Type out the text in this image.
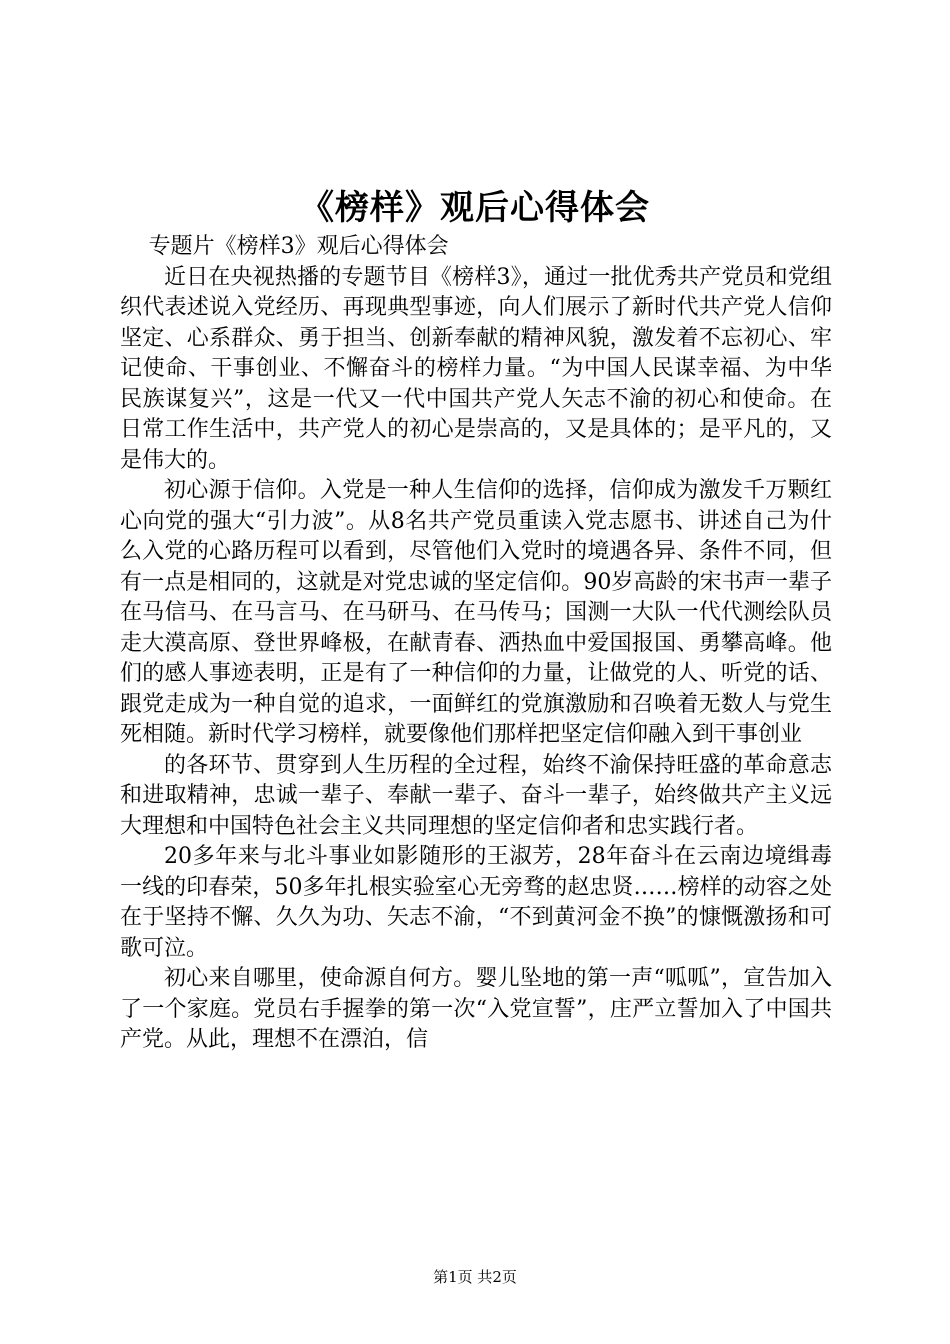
《榜样》观后心得体会

专题片《榜样3》观后心得体会

近日在央视热播的专题节目《榜样3》，通过一批优秀共产党员和党组织代表述说入党经历、再现典型事迹，向人们展示了新时代共产党人信仰坚定、心系群众、勇于担当、创新奉献的精神风貌，激发着不忘初心、牢记使命、干事创业、不懈奋斗的榜样力量。“为中国人民谋幸福、为中华民族谋复兴”，这是一代又一代中国共产党人矢志不渝的初心和使命。在日常工作生活中，共产党人的初心是崇高的，又是具体的；是平凡的，又是伟大的。

初心源于信仰。入党是一种人生信仰的选择，信仰成为激发千万颗红心向党的强大“引力波”。从8名共产党员重读入党志愿书、讲述自己为什么入党的心路历程可以看到，尽管他们入党时的境遇各异、条件不同，但有一点是相同的，这就是对党忠诚的坚定信仰。90岁高龄的宋书声一辈子在马信马、在马言马、在马研马、在马传马；国测一大队一代代测绘队员走大漠高原、登世界峰极，在献青春、洒热血中爱国报国、勇攀高峰。他们的感人事迹表明，正是有了一种信仰的力量，让做党的人、听党的话、跟党走成为一种自觉的追求，一面鲜红的党旗激励和召唤着无数人与党生死相随。新时代学习榜样，就要像他们那样把坚定信仰融入到干事创业

的各环节、贯穿到人生历程的全过程，始终不渝保持旺盛的革命意志和进取精神，忠诚一辈子、奉献一辈子、奋斗一辈子，始终做共产主义远大理想和中国特色社会主义共同理想的坚定信仰者和忠实践行者。

20多年来与北斗事业如影随形的王淑芳，28年奋斗在云南边境缉毒一线的印春荣，50多年扎根实验室心无旁骛的赵忠贤……榜样的动容之处在于坚持不懈、久久为功、矢志不渝，“不到黄河金不换”的慷慨激扬和可歌可泣。

初心来自哪里，使命源自何方。婴儿坠地的第一声“呱呱”，宣告加入了一个家庭。党员右手握拳的第一次“入党宣誓”，庄严立誓加入了中国共产党。从此，理想不在漂泊，信

第1页 共2页
